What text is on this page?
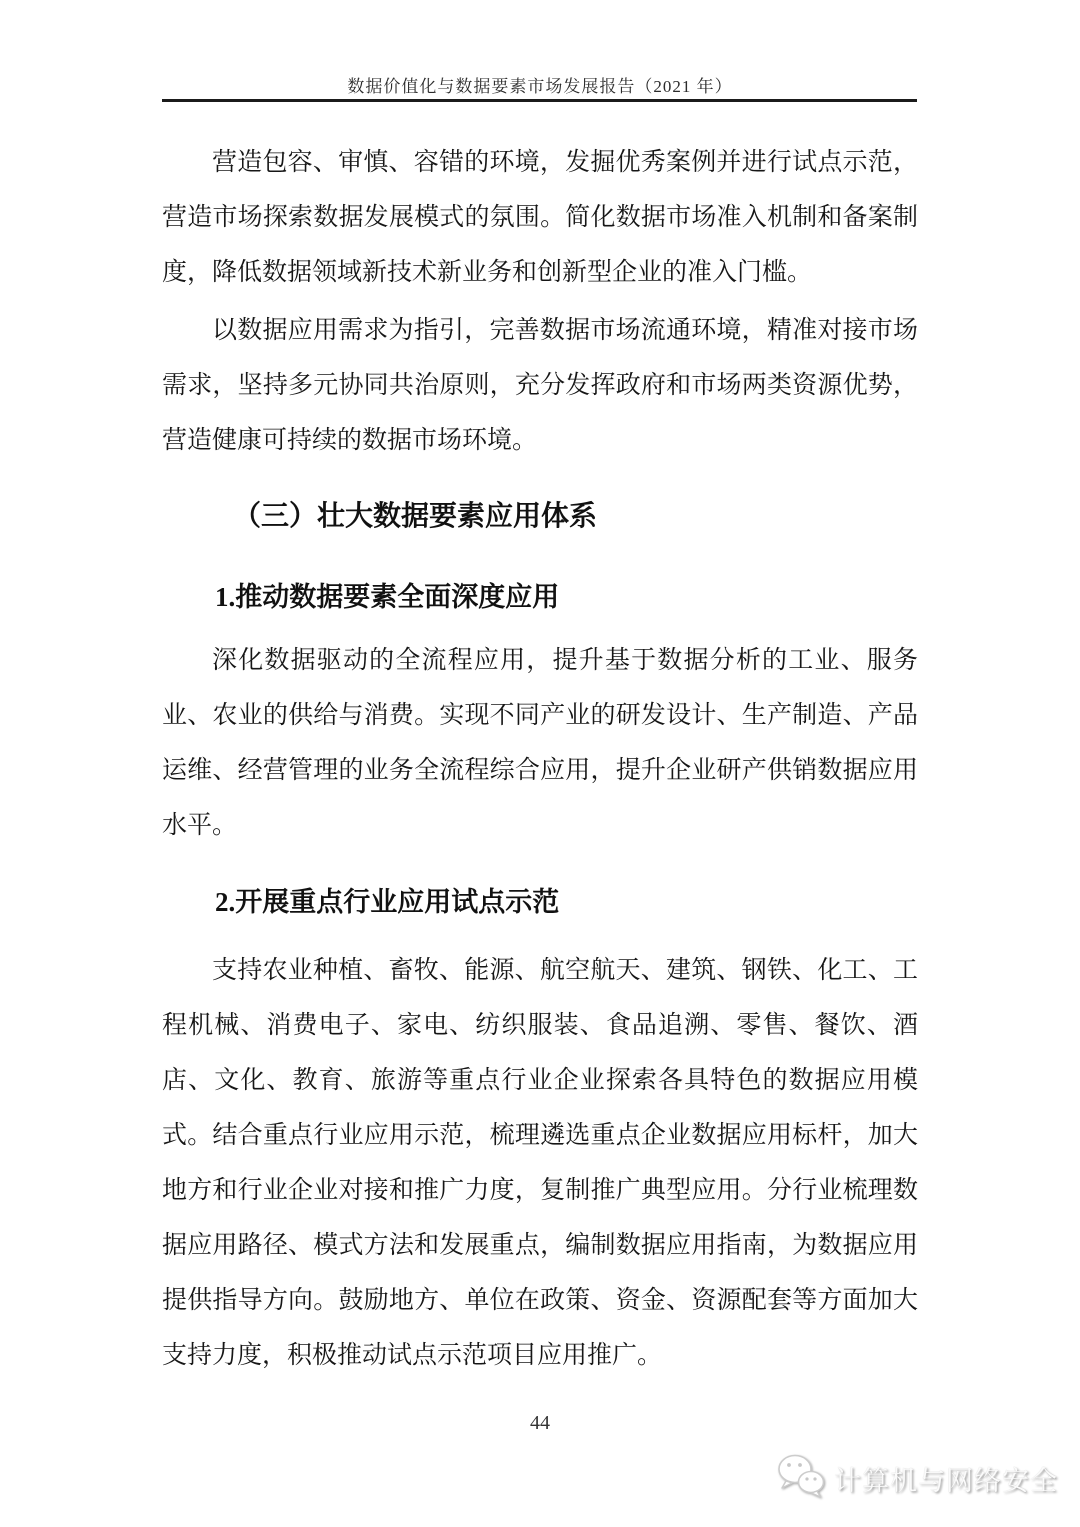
数据价值化与数据要素市场发展报告（2021 年）

营造包容、审慎、容错的环境，发掘优秀案例并进行试点示范，营造市场探索数据发展模式的氛围。简化数据市场准入机制和备案制度，降低数据领域新技术新业务和创新型企业的准入门槛。

以数据应用需求为指引，完善数据市场流通环境，精准对接市场需求，坚持多元协同共治原则，充分发挥政府和市场两类资源优势，营造健康可持续的数据市场环境。

（三）壮大数据要素应用体系
1.推动数据要素全面深度应用

深化数据驱动的全流程应用，提升基于数据分析的工业、服务业、农业的供给与消费。实现不同产业的研发设计、生产制造、产品运维、经营管理的业务全流程综合应用，提升企业研产供销数据应用水平。

2.开展重点行业应用试点示范

支持农业种植、畜牧、能源、航空航天、建筑、钢铁、化工、工程机械、消费电子、家电、纺织服装、食品追溯、零售、餐饮、酒店、文化、教育、旅游等重点行业企业探索各具特色的数据应用模式。结合重点行业应用示范，梳理遴选重点企业数据应用标杆，加大地方和行业企业对接和推广力度，复制推广典型应用。分行业梳理数据应用路径、模式方法和发展重点，编制数据应用指南，为数据应用提供指导方向。鼓励地方、单位在政策、资金、资源配套等方面加大支持力度，积极推动试点示范项目应用推广。

44
计算机与网络安全
